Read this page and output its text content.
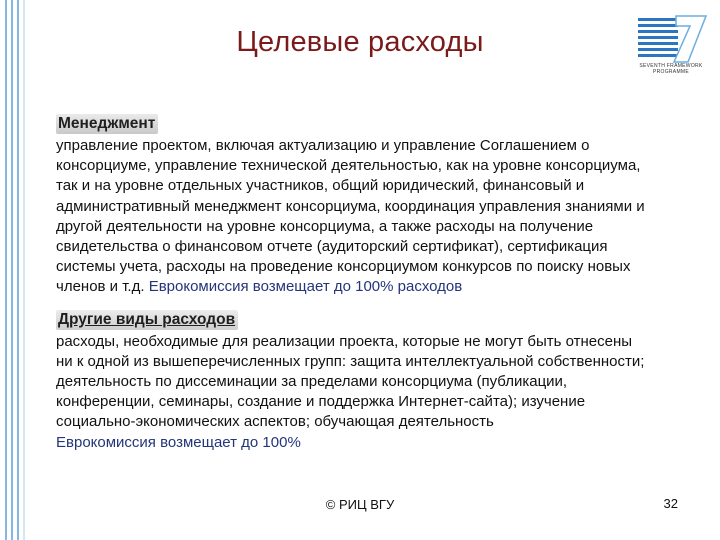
Целевые расходы
SEVENTH FRAMEWORK
PROGRAMME
Менеджмент
управление проектом, включая актуализацию и управление Соглашением о консорциуме, управление технической деятельностью, как на уровне консорциума, так и на уровне отдельных участников, общий юридический, финансовый и административный менеджмент консорциума, координация управления знаниями и другой деятельности на уровне консорциума, а также расходы на получение свидетельства о финансовом отчете (аудиторский сертификат), сертификация системы учета, расходы на проведение консорциумом конкурсов по поиску новых членов и т.д. Еврокомиссия возмещает до 100% расходов
Другие виды расходов
расходы, необходимые для реализации проекта, которые не могут быть отнесены ни к одной из вышеперечисленных групп: защита интеллектуальной собственности; деятельность по диссеминации за пределами консорциума (публикации, конференции, семинары, создание и поддержка Интернет-сайта); изучение социально-экономических аспектов; обучающая деятельность
Еврокомиссия возмещает до 100%
© РИЦ ВГУ	32
